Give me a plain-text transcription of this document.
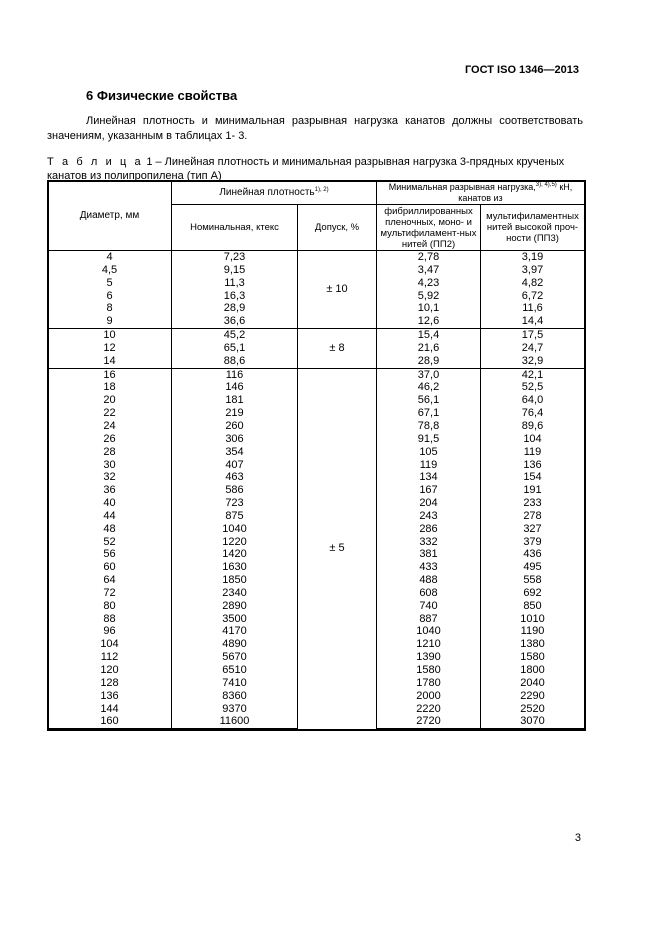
ГОСТ ISO 1346—2013
6 Физические свойства

Линейная плотность и минимальная разрывная нагрузка канатов должны соответствовать значениям, указанным в таблицах 1- 3.

Т а б л и ц а 1 – Линейная плотность и минимальная разрывная нагрузка 3-прядных крученых канатов из полипропилена (тип А)
Диаметр, мм	Линейная плотность$^{1), 2)}$		Минимальная разрывная нагрузка,$^{3), 4),5)}$ кН, канатов из	
	Номинальная, ктекс	Допуск, %	фибриллированных пленочных, моно- и мультифиламент-ных нитей (ПП2)	мультифиламентных нитей высокой проч-ности (ПП3)
4	7,23	± 10	2,78	3,19
4,5	9,15		3,47	3,97
5	11,3		4,23	4,82
6	16,3		5,92	6,72
8	28,9		10,1	11,6
9	36,6		12,6	14,4
10	45,2	± 8	15,4	17,5
12	65,1		21,6	24,7
14	88,6		28,9	32,9
16	116	± 5	37,0	42,1
18	146		46,2	52,5
20	181		56,1	64,0
22	219		67,1	76,4
24	260		78,8	89,6
26	306		91,5	104
28	354		105	119
30	407		119	136
32	463		134	154
36	586		167	191
40	723		204	233
44	875		243	278
48	1040		286	327
52	1220		332	379
56	1420		381	436
60	1630		433	495
64	1850		488	558
72	2340		608	692
80	2890		740	850
88	3500		887	1010
96	4170		1040	1190
104	4890		1210	1380
112	5670		1390	1580
120	6510		1580	1800
128	7410		1780	2040
136	8360		2000	2290
144	9370		2220	2520
160	11600		2720	3070
3
